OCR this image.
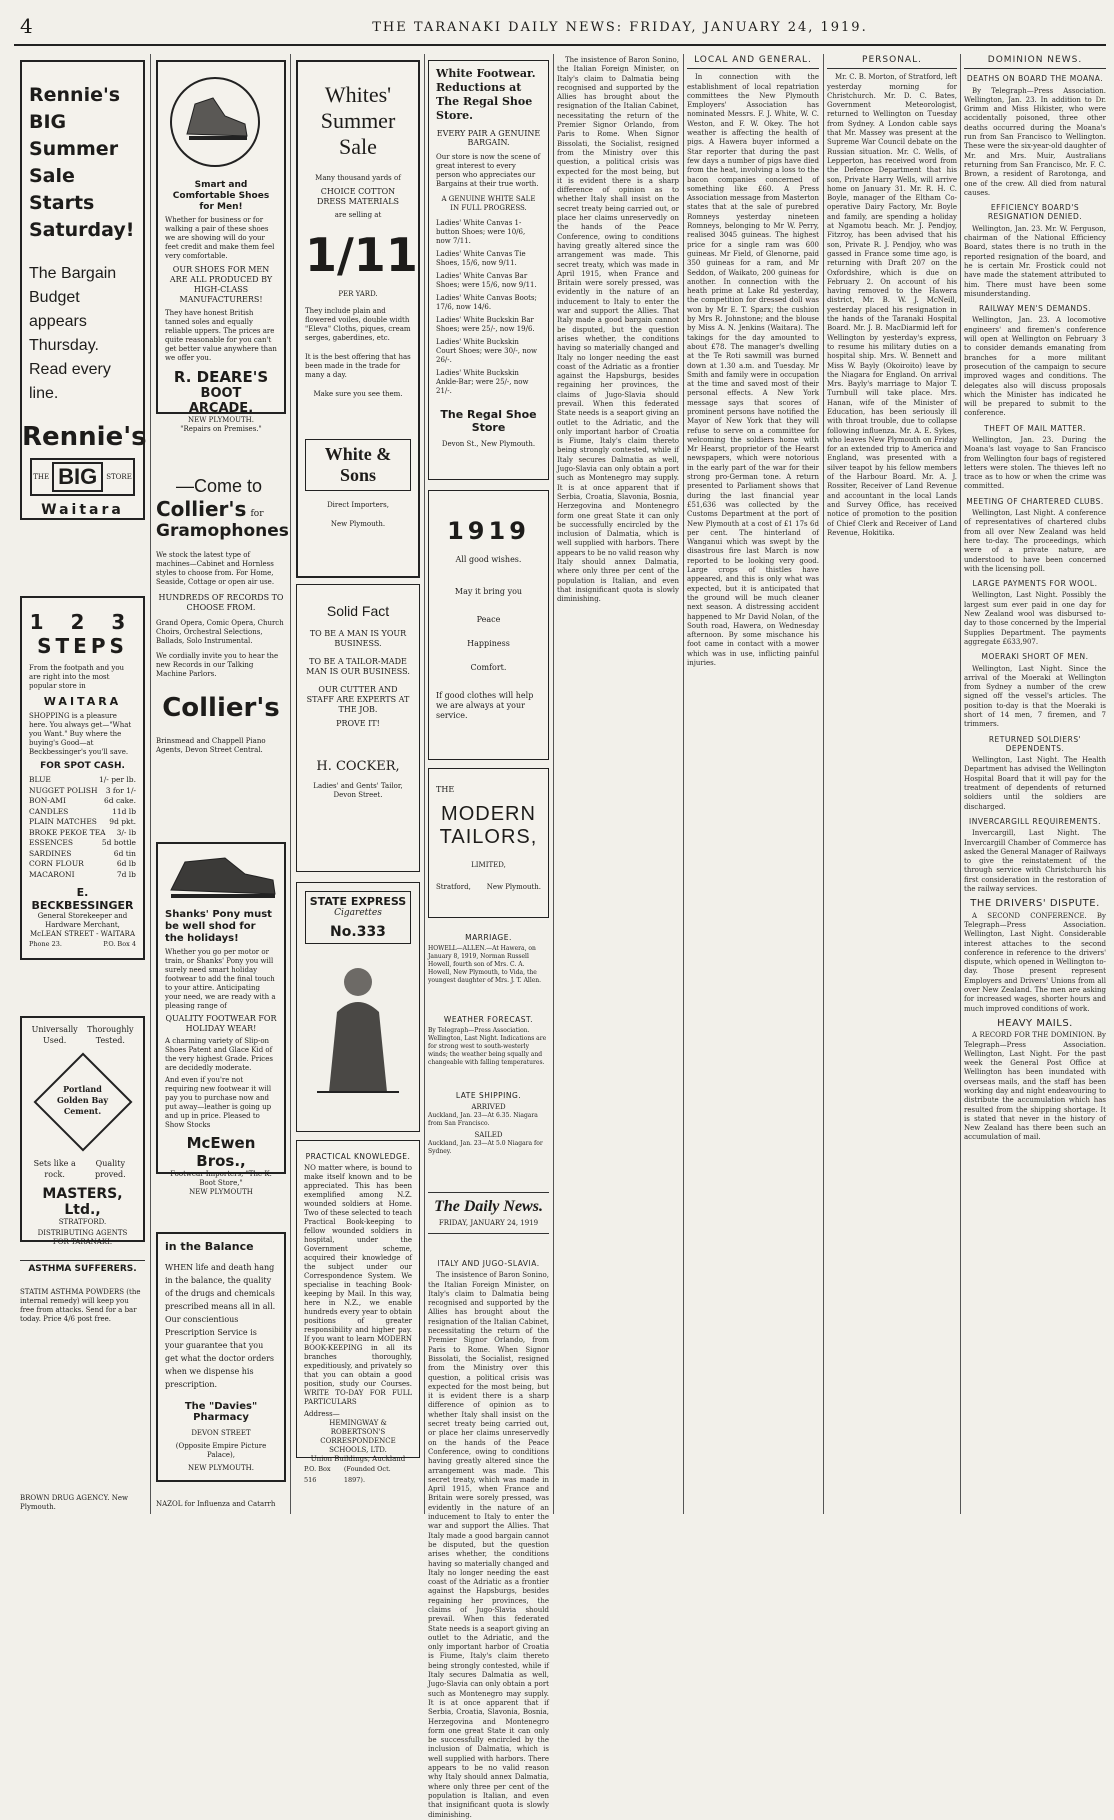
4	THE TARANAKI DAILY NEWS: FRIDAY, JANUARY 24, 1919.
Rennie's
BIG
Summer
Sale
Starts
Saturday!
The Bargain
Budget appears
Thursday.
Read every line.
Rennie's
THE BIG	STORE
Waitara
1 2 3
STEPS
From the footpath and you are right into the most popular store in
WAITARA
SHOPPING is a pleasure here. You always get—"What you Want." Buy where the buying's Good—at Beckbessinger's you'll save.
FOR SPOT CASH.
BLUE	1/- per lb.
NUGGET POLISH 3 for 1/-
BON-AMI	6d cake.
CANDLES	11d lb
PLAIN MATCHES 9d pkt.
BROKE PEKOE TEA 3/- lb
ESSENCES	5d bottle
SARDINES	6d tin
CORN FLOUR	6d lb
MACARONI	7d lb
E. BECKBESSINGER
General Storekeeper and Hardware Merchant,
McLEAN STREET - WAITARA
Phone 23.	P.O. Box 4
Universally Used.
Thoroughly Tested.
Portland
Golden Bay
Cement.
Sets like a rock.
Quality proved.
MASTERS, Ltd.,
STRATFORD.
DISTRIBUTING AGENTS FOR TARANAKI.
ASTHMA SUFFERERS.
STATIM ASTHMA POWDERS (the internal remedy) will keep you free from attacks. Send for a bar today. Price 4/6 post free.
BROWN DRUG AGENCY. New Plymouth.
Smart and Comfortable Shoes for Men!
Whether for business or for walking a pair of these shoes we are showing will do your feet credit and make them feel very comfortable.
OUR SHOES FOR MEN ARE ALL PRODUCED BY HIGH-CLASS MANUFACTURERS!
They have honest British tanned soles and equally reliable uppers. The prices are quite reasonable for you can't get better value anywhere than we offer you.
R. DEARE'S
BOOT
ARCADE,
NEW PLYMOUTH.
"Repairs on Premises."
—Come to
Collier's for
Gramophones
We stock the latest type of machines—Cabinet and Hornless styles to choose from. For Home, Seaside, Cottage or open air use.
HUNDREDS OF RECORDS TO CHOOSE FROM.
Grand Opera, Comic Opera, Church Choirs, Orchestral Selections, Ballads, Solo Instrumental.
We cordially invite you to hear the new Records in our Talking Machine Parlors.
Collier's
Brinsmead and Chappell Piano Agents, Devon Street Central.
Shanks' Pony must be well shod for the holidays!
Whether you go per motor or train, or Shanks' Pony you will surely need smart holiday footwear to add the final touch to your attire. Anticipating your need, we are ready with a pleasing range of
QUALITY FOOTWEAR FOR HOLIDAY WEAR!
A charming variety of Slip-on Shoes Patent and Glace Kid of the very highest Grade. Prices are decidedly moderate.
And even if you're not requiring new footwear it will pay you to purchase now and put away—leather is going up and up in price. Pleased to Show Stocks
McEwen Bros.,
Footwear Importers, "The K. Boot Store,"
NEW PLYMOUTH
in the Balance
WHEN life and death hang in the balance, the quality of the drugs and chemicals prescribed means all in all. Our conscientious Prescription Service is your guarantee that you get what the doctor orders when we dispense his prescription.
The "Davies" Pharmacy
DEVON STREET
(Opposite Empire Picture Palace),
NEW PLYMOUTH.
NAZOL for Influenza and Catarrh
Whites'
Summer
Sale
Many thousand yards of
CHOICE COTTON DRESS MATERIALS
are selling at
1/11
PER YARD.
They include plain and flowered voiles, double width "Eleva" Cloths, piques, cream serges, gaberdines, etc.
It is the best offering that has been made in the trade for many a day.
Make sure you see them.
White & Sons
Direct Importers,
New Plymouth.
Solid Fact
TO BE A MAN IS YOUR BUSINESS.
TO BE A TAILOR-MADE MAN IS OUR BUSINESS.
OUR CUTTER AND STAFF ARE EXPERTS AT THE JOB.
PROVE IT!
H. COCKER,
Ladies' and Gents' Tailor, Devon Street.
STATE EXPRESS
Cigarettes
No.333
PRACTICAL KNOWLEDGE.
NO matter where, is bound to make itself known and to be appreciated. This has been exemplified among N.Z. wounded soldiers at Home. Two of these selected to teach Practical Book-keeping to fellow wounded soldiers in hospital, under the Government scheme, acquired their knowledge of the subject under our Correspondence System. We specialise in teaching Book-keeping by Mail. In this way, here in N.Z., we enable hundreds every year to obtain positions of greater responsibility and higher pay. If you want to learn MODERN BOOK-KEEPING in all its branches thoroughly, expeditiously, and privately so that you can obtain a good position, study our Courses. WRITE TO-DAY FOR FULL PARTICULARS
Address—
HEMINGWAY & ROBERTSON'S CORRESPONDENCE SCHOOLS, LTD.
Union Buildings, Auckland
P.O. Box 516
(Founded Oct. 1897).
White Footwear. Reductions at The Regal Shoe Store.
EVERY PAIR A GENUINE BARGAIN.
Our store is now the scene of great interest to every person who appreciates our Bargains at their true worth.
A GENUINE WHITE SALE IN FULL PROGRESS.
Ladies' White Canvas 1-button Shoes; were 10/6, now 7/11.
Ladies' White Canvas Tie Shoes, 15/6, now 9/11.
Ladies' White Canvas Bar Shoes; were 15/6, now 9/11.
Ladies' White Canvas Boots; 17/6, now 14/6.
Ladies' White Buckskin Bar Shoes; were 25/-, now 19/6.
Ladies' White Buckskin Court Shoes; were 30/-, now 26/-.
Ladies' White Buckskin Ankle-Bar; were 25/-, now 21/-.
The Regal Shoe Store
Devon St., New Plymouth.
1919
All good wishes.
May it bring you
Peace
Happiness
Comfort.
If good clothes will help we are always at your service.
THE
MODERN
TAILORS,
LIMITED,
Stratford, New Plymouth.
MARRIAGE.
HOWELL—ALLEN.—At Hawera, on January 8, 1919, Norman Russell Howell, fourth son of Mrs. C. A. Howell, New Plymouth, to Vida, the youngest daughter of Mrs. J. T. Allen.
WEATHER FORECAST.
By Telegraph—Press Association. Wellington, Last Night. Indications are for strong west to south-westerly winds; the weather being squally and changeable with falling temperatures.
LATE SHIPPING.
ARRIVED
Auckland, Jan. 23—At 6.35. Niagara from San Francisco.
SAILED
Auckland, Jan. 23—At 5.0 Niagara for Sydney.
The Daily News.
FRIDAY, JANUARY 24, 1919
ITALY AND JUGO-SLAVIA.

The insistence of Baron Sonino, the Italian Foreign Minister, on Italy's claim to Dalmatia being recognised and supported by the Allies has brought about the resignation of the Italian Cabinet, necessitating the return of the Premier Signor Orlando, from Paris to Rome. When Signor Bissolati, the Socialist, resigned from the Ministry over this question, a political crisis was expected for the most being, but it is evident there is a sharp difference of opinion as to whether Italy shall insist on the secret treaty being carried out, or place her claims unreservedly on the hands of the Peace Conference, owing to conditions having greatly altered since the arrangement was made. This secret treaty, which was made in April 1915, when France and Britain were sorely pressed, was evidently in the nature of an inducement to Italy to enter the war and support the Allies. That Italy made a good bargain cannot be disputed, but the question arises whether, the conditions having so materially changed and Italy no longer needing the east coast of the Adriatic as a frontier against the Hapsburgs, besides regaining her provinces, the claims of Jugo-Slavia should prevail. When this federated State needs is a seaport giving an outlet to the Adriatic, and the only important harbor of Croatia is Fiume, Italy's claim thereto being strongly contested, while if Italy secures Dalmatia as well, Jugo-Slavia can only obtain a port such as Montenegro may supply. It is at once apparent that if Serbia, Croatia, Slavonia, Bosnia, Herzegovina and Montenegro form one great State it can only be successfully encircled by the inclusion of Dalmatia, which is well supplied with harbors. There appears to be no valid reason why Italy should annex Dalmatia, where only three per cent of the population is Italian, and even that insignificant quota is slowly diminishing.

The insistence of Baron Sonino, the Italian Foreign Minister, on Italy's claim to Dalmatia being recognised and supported by the Allies has brought about the resignation of the Italian Cabinet, necessitating the return of the Premier Signor Orlando, from Paris to Rome. When Signor Bissolati, the Socialist, resigned from the Ministry over this question, a political crisis was expected for the most being, but it is evident there is a sharp difference of opinion as to whether Italy shall insist on the secret treaty being carried out, or place her claims unreservedly on the hands of the Peace Conference, owing to conditions having greatly altered since the arrangement was made. This secret treaty, which was made in April 1915, when France and Britain were sorely pressed, was evidently in the nature of an inducement to Italy to enter the war and support the Allies. That Italy made a good bargain cannot be disputed, but the question arises whether, the conditions having so materially changed and Italy no longer needing the east coast of the Adriatic as a frontier against the Hapsburgs, besides regaining her provinces, the claims of Jugo-Slavia should prevail. When this federated State needs is a seaport giving an outlet to the Adriatic, and the only important harbor of Croatia is Fiume, Italy's claim thereto being strongly contested, while if Italy secures Dalmatia as well, Jugo-Slavia can only obtain a port such as Montenegro may supply. It is at once apparent that if Serbia, Croatia, Slavonia, Bosnia, Herzegovina and Montenegro form one great State it can only be successfully encircled by the inclusion of Dalmatia, which is well supplied with harbors. There appears to be no valid reason why Italy should annex Dalmatia, where only three per cent of the population is Italian, and even that insignificant quota is slowly diminishing.

LOCAL AND GENERAL.

In connection with the establishment of local repatriation committees the New Plymouth Employers' Association has nominated Messrs. F. J. White, W. C. Weston, and F. W. Okey. The hot weather is affecting the health of pigs. A Hawera buyer informed a Star reporter that during the past few days a number of pigs have died from the heat, involving a loss to the bacon companies concerned of something like £60. A Press Association message from Masterton states that at the sale of purebred Romneys yesterday nineteen Romneys, belonging to Mr W. Perry, realised 3045 guineas. The highest price for a single ram was 600 guineas. Mr Field, of Glenorne, paid 350 guineas for a ram, and Mr Seddon, of Waikato, 200 guineas for another. In connection with the heath prime at Lake Rd yesterday, the competition for dressed doll was won by Mr E. T. Sparx; the cushion by Mrs R. Johnstone; and the blouse by Miss A. N. Jenkins (Waitara). The takings for the day amounted to about £78. The manager's dwelling at the Te Roti sawmill was burned down at 1.30 a.m. and Tuesday. Mr Smith and family were in occupation at the time and saved most of their personal effects. A New York message says that scores of prominent persons have notified the Mayor of New York that they will refuse to serve on a committee for welcoming the soldiers home with Mr Hearst, proprietor of the Hearst newspapers, which were notorious in the early part of the war for their strong pro-German tone. A return presented to Parliament shows that during the last financial year £51,636 was collected by the Customs Department at the port of New Plymouth at a cost of £1 17s 6d per cent. The hinterland of Wanganui which was swept by the disastrous fire last March is now reported to be looking very good. Large crops of thistles have appeared, and this is only what was expected, but it is anticipated that the ground will be much cleaner next season. A distressing accident happened to Mr David Nolan, of the South road, Hawera, on Wednesday afternoon. By some mischance his foot came in contact with a mower which was in use, inflicting painful injuries.

PERSONAL.

Mr. C. B. Morton, of Stratford, left yesterday morning for Christchurch. Mr. D. C. Bates, Government Meteorologist, returned to Wellington on Tuesday from Sydney. A London cable says that Mr. Massey was present at the Supreme War Council debate on the Russian situation. Mr. C. Wells, of Lepperton, has received word from the Defence Department that his son, Private Harry Wells, will arrive home on January 31. Mr. R. H. C. Boyle, manager of the Eltham Co-operative Dairy Factory, Mr. Boyle and family, are spending a holiday at Ngamotu beach. Mr. J. Pendjoy, Fitzroy, has been advised that his son, Private R. J. Pendjoy, who was gassed in France some time ago, is returning with Draft 207 on the Oxfordshire, which is due on February 2. On account of his having removed to the Hawera district, Mr. B. W. J. McNeill, yesterday placed his resignation in the hands of the Taranaki Hospital Board. Mr. J. B. MacDiarmid left for Wellington by yesterday's express, to resume his military duties on a hospital ship. Mrs. W. Bennett and Miss W. Bayly (Okoiroito) leave by the Niagara for England. On arrival Mrs. Bayly's marriage to Major T. Turnbull will take place. Mrs. Hanan, wife of the Minister of Education, has been seriously ill with throat trouble, due to collapse following influenza. Mr. A. E. Sykes, who leaves New Plymouth on Friday for an extended trip to America and England, was presented with a silver teapot by his fellow members of the Harbour Board. Mr. A. J. Rossiter, Receiver of Land Revenue and accountant in the local Lands and Survey Office, has received notice of promotion to the position of Chief Clerk and Receiver of Land Revenue, Hokitika.

DOMINION NEWS.
DEATHS ON BOARD THE MOANA.

By Telegraph—Press Association. Wellington, Jan. 23. In addition to Dr. Grimm and Miss Hikister, who were accidentally poisoned, three other deaths occurred during the Moana's run from San Francisco to Wellington. These were the six-year-old daughter of Mr. and Mrs. Muir, Australians returning from San Francisco, Mr. F. C. Brown, a resident of Rarotonga, and one of the crew. All died from natural causes.

EFFICIENCY BOARD'S RESIGNATION DENIED.

Wellington, Jan. 23. Mr. W. Ferguson, chairman of the National Efficiency Board, states there is no truth in the reported resignation of the board, and he is certain Mr. Frostick could not have made the statement attributed to him. There must have been some misunderstanding.

RAILWAY MEN'S DEMANDS.

Wellington, Jan. 23. A locomotive engineers' and firemen's conference will open at Wellington on February 3 to consider demands emanating from branches for a more militant prosecution of the campaign to secure improved wages and conditions. The delegates also will discuss proposals which the Minister has indicated he will be prepared to submit to the conference.

THEFT OF MAIL MATTER.

Wellington, Jan. 23. During the Moana's last voyage to San Francisco from Wellington four bags of registered letters were stolen. The thieves left no trace as to how or when the crime was committed.

MEETING OF CHARTERED CLUBS.

Wellington, Last Night. A conference of representatives of chartered clubs from all over New Zealand was held here to-day. The proceedings, which were of a private nature, are understood to have been concerned with the licensing poll.

LARGE PAYMENTS FOR WOOL.

Wellington, Last Night. Possibly the largest sum ever paid in one day for New Zealand wool was disbursed to-day to those concerned by the Imperial Supplies Department. The payments aggregate £633,907.

MOERAKI SHORT OF MEN.

Wellington, Last Night. Since the arrival of the Moeraki at Wellington from Sydney a number of the crew signed off the vessel's articles. The position to-day is that the Moeraki is short of 14 men, 7 firemen, and 7 trimmers.

RETURNED SOLDIERS' DEPENDENTS.

Wellington, Last Night. The Health Department has advised the Wellington Hospital Board that it will pay for the treatment of dependents of returned soldiers until the soldiers are discharged.

INVERCARGILL REQUIREMENTS.

Invercargill, Last Night. The Invercargill Chamber of Commerce has asked the General Manager of Railways to give the reinstatement of the through service with Christchurch his first consideration in the restoration of the railway services.

THE DRIVERS' DISPUTE.

A SECOND CONFERENCE. By Telegraph—Press Association. Wellington, Last Night. Considerable interest attaches to the second conference in reference to the drivers' dispute, which opened in Wellington to-day. Those present represent Employers and Drivers' Unions from all over New Zealand. The men are asking for increased wages, shorter hours and much improved conditions of work.

HEAVY MAILS.

A RECORD FOR THE DOMINION. By Telegraph—Press Association. Wellington, Last Night. For the past week the General Post Office at Wellington has been inundated with overseas mails, and the staff has been working day and night endeavouring to distribute the accumulation which has resulted from the shipping shortage. It is stated that never in the history of New Zealand has there been such an accumulation of mail.
